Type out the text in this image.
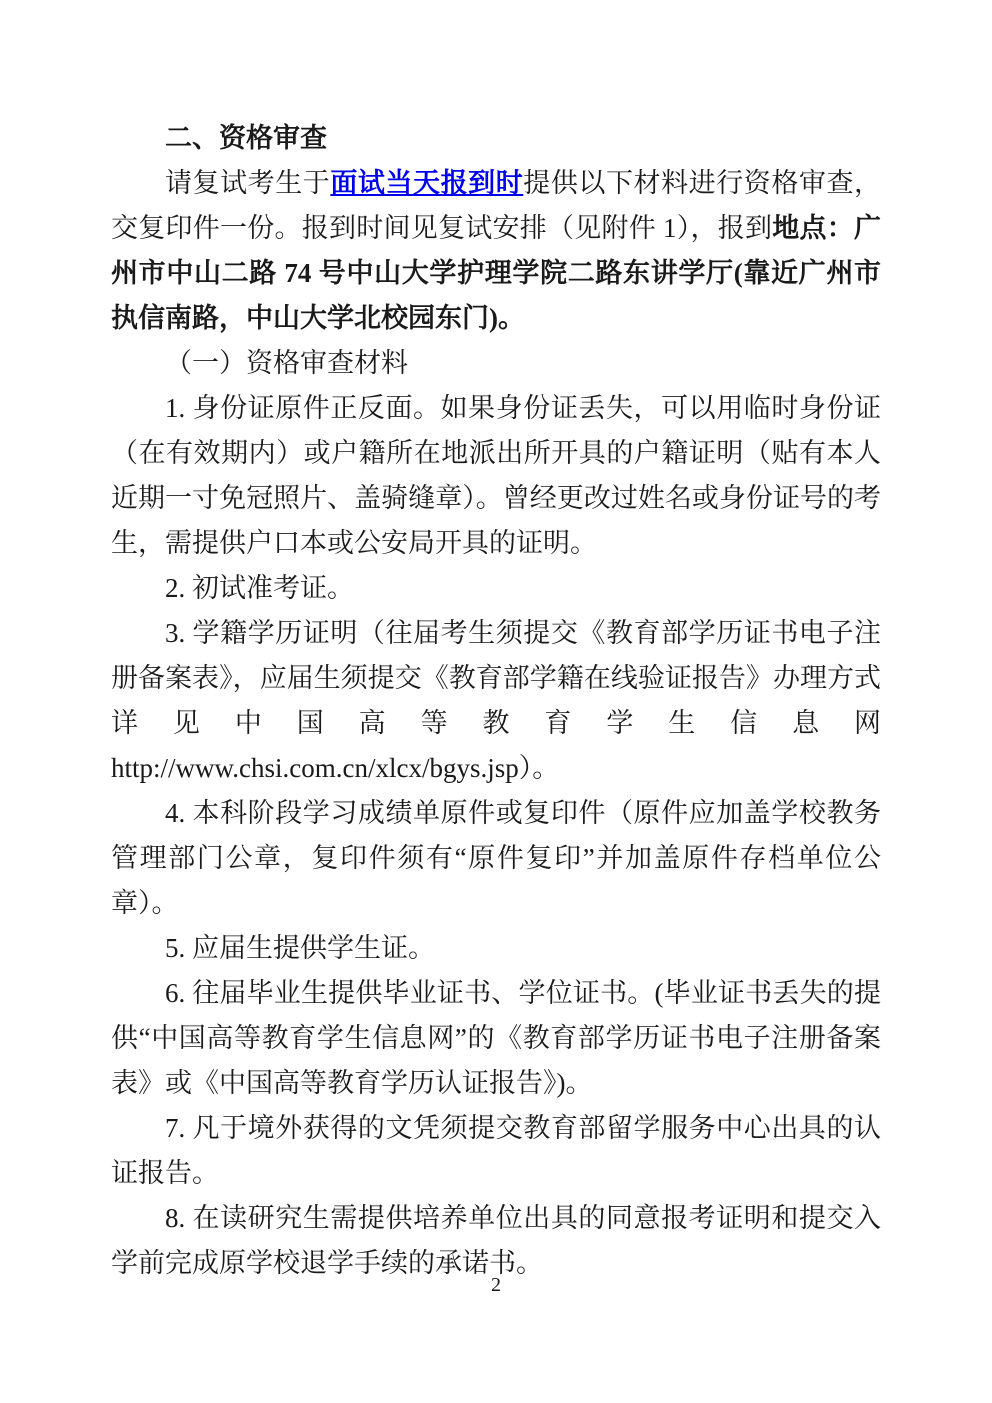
二、资格审查

请复试考生于面试当天报到时提供以下材料进行资格审查，交复印件一份。报到时间见复试安排（见附件 1），报到地点：广州市中山二路 74 号中山大学护理学院二路东讲学厅(靠近广州市执信南路，中山大学北校园东门)。

（一）资格审查材料

1. 身份证原件正反面。如果身份证丢失，可以用临时身份证（在有效期内）或户籍所在地派出所开具的户籍证明（贴有本人近期一寸免冠照片、盖骑缝章）。曾经更改过姓名或身份证号的考生，需提供户口本或公安局开具的证明。

2. 初试准考证。

3. 学籍学历证明（往届考生须提交《教育部学历证书电子注册备案表》，应届生须提交《教育部学籍在线验证报告》办理方式详见中国高等教育学生信息网 http://www.chsi.com.cn/xlcx/bgys.jsp）。

4. 本科阶段学习成绩单原件或复印件（原件应加盖学校教务管理部门公章，复印件须有“原件复印”并加盖原件存档单位公章）。

5. 应届生提供学生证。

6. 往届毕业生提供毕业证书、学位证书。(毕业证书丢失的提供“中国高等教育学生信息网”的《教育部学历证书电子注册备案表》或《中国高等教育学历认证报告》)。

7. 凡于境外获得的文凭须提交教育部留学服务中心出具的认证报告。

8. 在读研究生需提供培养单位出具的同意报考证明和提交入学前完成原学校退学手续的承诺书。

2
